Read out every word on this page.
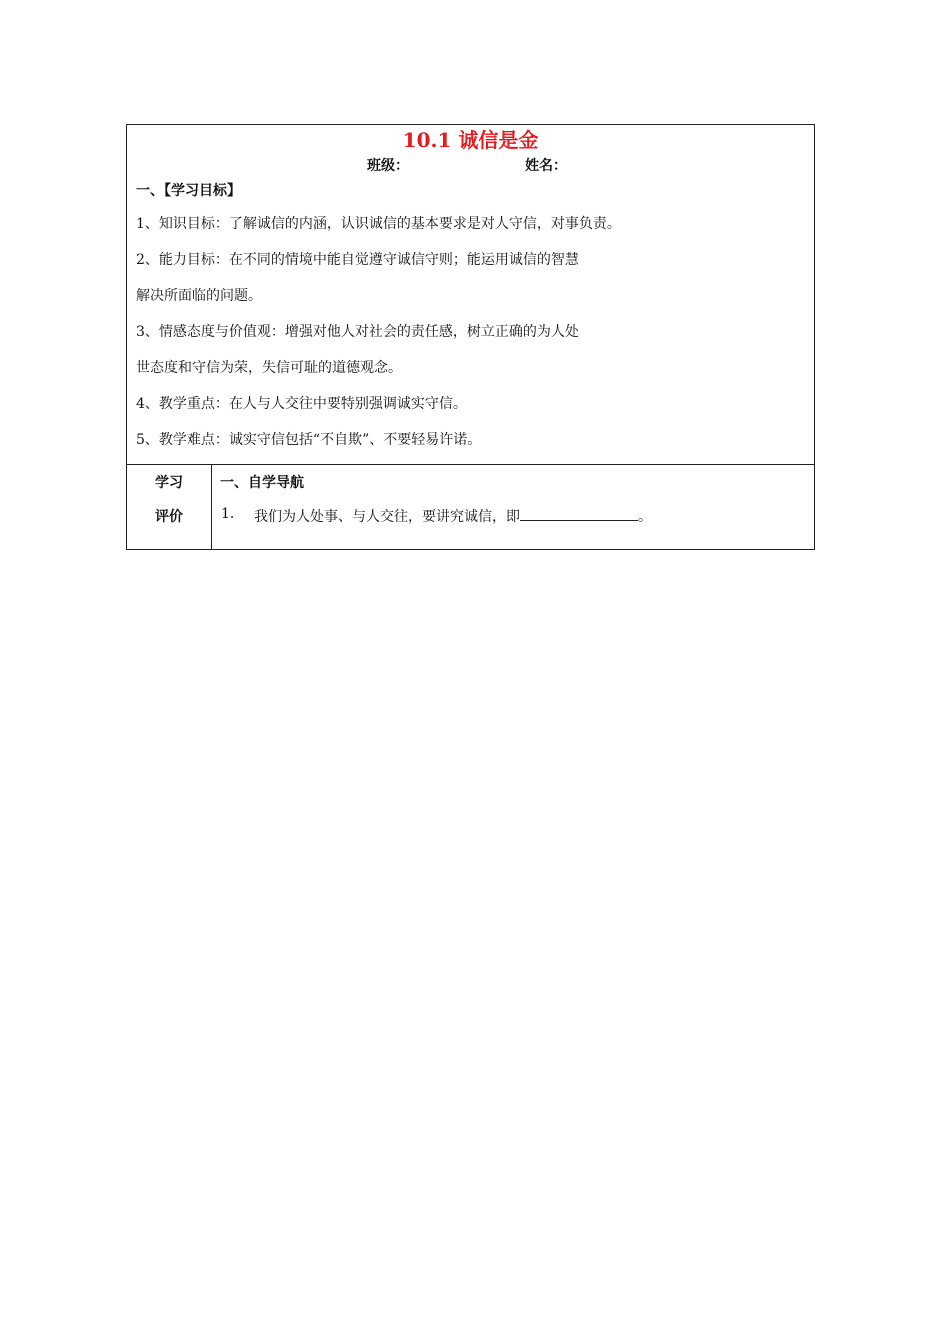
10.1 诚信是金
班级：	姓名：
一、【学习目标】
1、知识目标：了解诚信的内涵，认识诚信的基本要求是对人守信，对事负责。
2、能力目标：在不同的情境中能自觉遵守诚信守则；能运用诚信的智慧
解决所面临的问题。
3、情感态度与价值观：增强对他人对社会的责任感，树立正确的为人处
世态度和守信为荣，失信可耻的道德观念。
4、教学重点：在人与人交往中要特别强调诚实守信。
5、教学难点：诚实守信包括“不自欺”、不要轻易许诺。
学习
评价
一、自学导航
1. 我们为人处事、与人交往，要讲究诚信，即	。
